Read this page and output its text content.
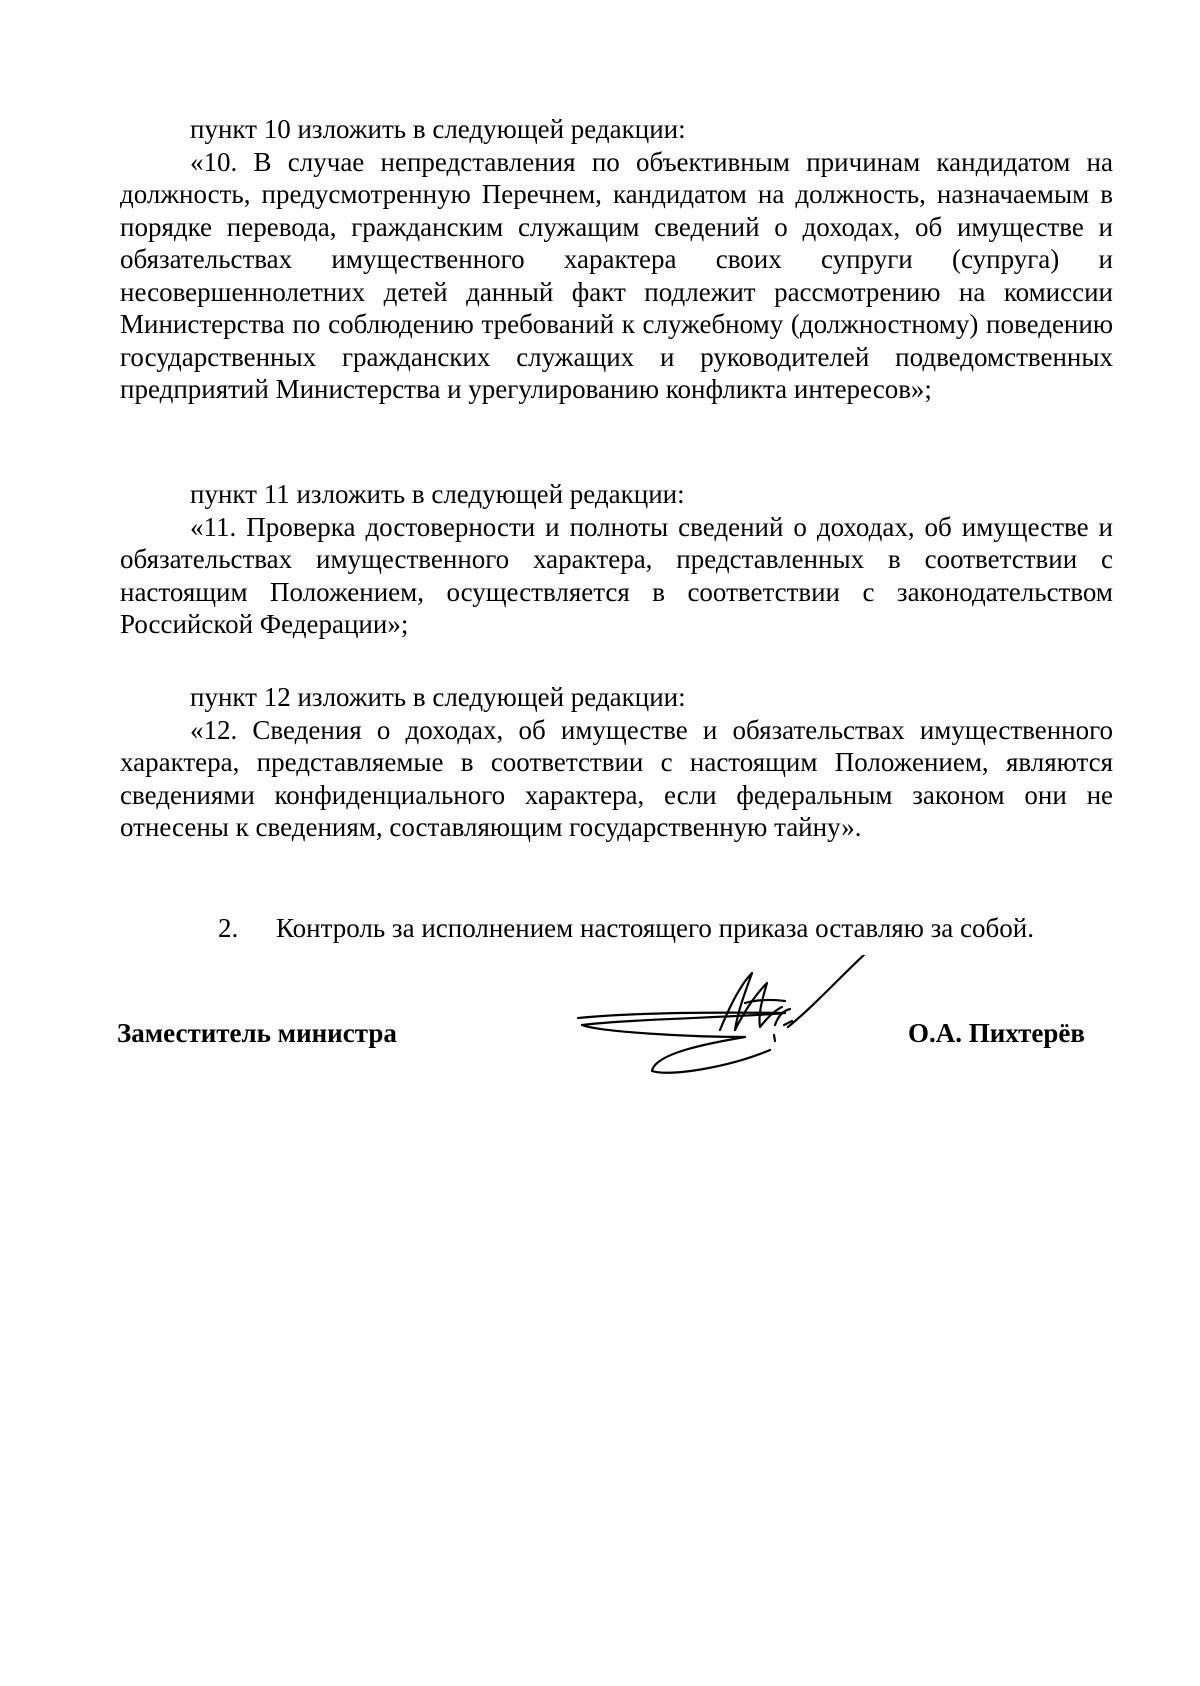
пункт 10 изложить в следующей редакции:

«10. В случае непредставления по объективным причинам кандидатом на должность, предусмотренную Перечнем, кандидатом на должность, назначаемым в порядке перевода, гражданским служащим сведений о доходах, об имуществе и обязательствах имущественного характера своих супруги (супруга) и несовершеннолетних детей данный факт подлежит рассмотрению на комиссии Министерства по соблюдению требований к служебному (должностному) поведению государственных гражданских служащих и руководителей подведомственных предприятий Министерства и урегулированию конфликта интересов»;

пункт 11 изложить в следующей редакции:

«11. Проверка достоверности и полноты сведений о доходах, об имуществе и обязательствах имущественного характера, представленных в соответствии с настоящим Положением, осуществляется в соответствии с законодательством Российской Федерации»;

пункт 12 изложить в следующей редакции:

«12. Сведения о доходах, об имуществе и обязательствах имущественного характера, представляемые в соответствии с настоящим Положением, являются сведениями конфиденциального характера, если федеральным законом они не отнесены к сведениям, составляющим государственную тайну».

2. Контроль за исполнением настоящего приказа оставляю за собой.
Заместитель министра	О.А. Пихтерёв
